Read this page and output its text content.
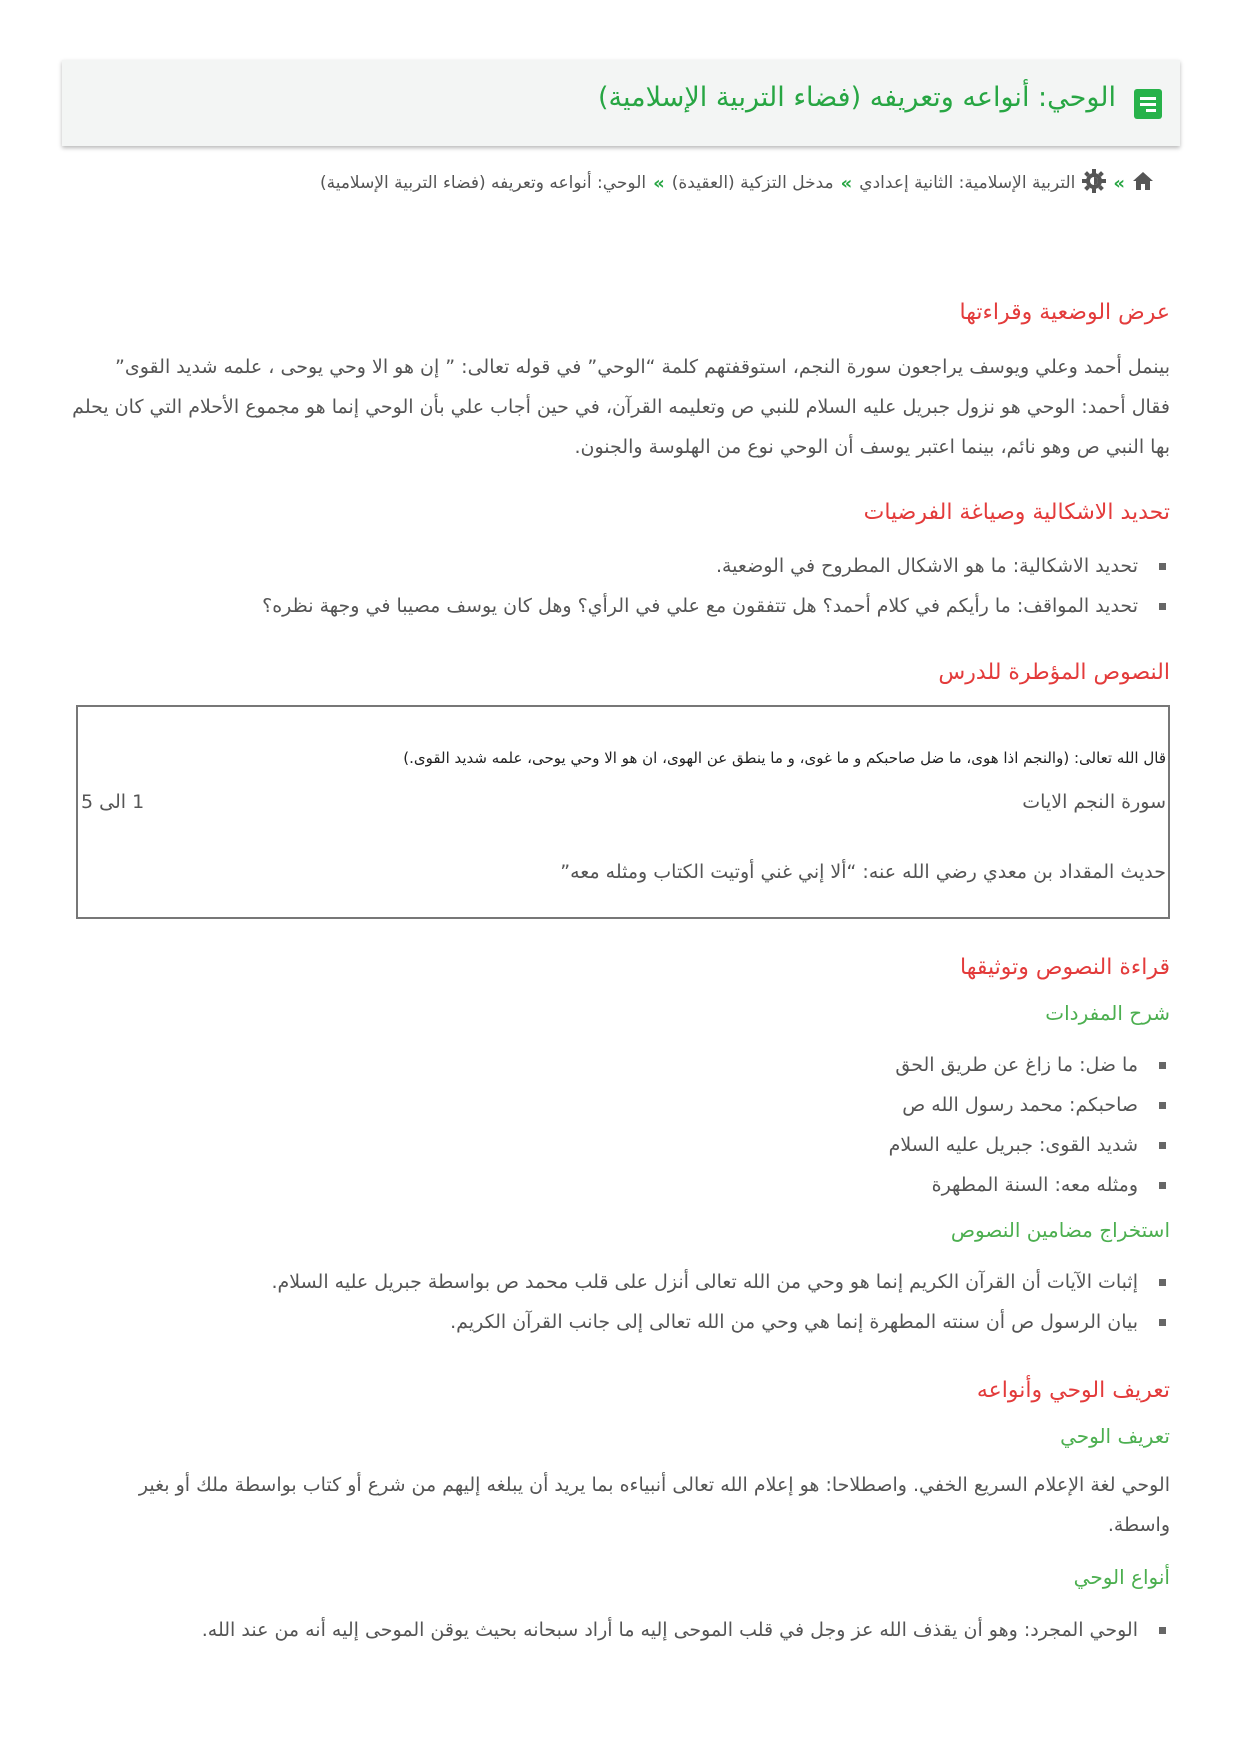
الوحي: أنواعه وتعريفه (فضاء التربية الإسلامية)
»
التربية الإسلامية: الثانية إعدادي
»
مدخل التزكية (العقيدة)
»
الوحي: أنواعه وتعريفه (فضاء التربية الإسلامية)
عرض الوضعية وقراءتها

بينمل أحمد وعلي ويوسف يراجعون سورة النجم، استوقفتهم كلمة “الوحي” في قوله تعالى: ” إن هو الا وحي يوحى ، علمه شديد القوى” فقال أحمد: الوحي هو نزول جبريل عليه السلام للنبي ص وتعليمه القرآن، في حين أجاب علي بأن الوحي إنما هو مجموع الأحلام التي كان يحلم بها النبي ص وهو نائم، بينما اعتبر يوسف أن الوحي نوع من الهلوسة والجنون.

تحديد الاشكالية وصياغة الفرضيات
تحديد الاشكالية: ما هو الاشكال المطروح في الوضعية.
تحديد المواقف: ما رأيكم في كلام أحمد؟ هل تتفقون مع علي في الرأي؟ وهل كان يوسف مصيبا في وجهة نظره؟
النصوص المؤطرة للدرس
قال الله تعالى: (والنجم اذا هوى، ما ضل صاحبكم و ما غوى، و ما ينطق عن الهوى، ان هو الا وحي يوحى، علمه شديد القوى.)
سورة النجم الايات
1 الى 5
حديث المقداد بن معدي رضي الله عنه: “ألا إني غني أوتيت الكتاب ومثله معه”
قراءة النصوص وتوثيقها
شرح المفردات
ما ضل: ما زاغ عن طريق الحق
صاحبكم: محمد رسول الله ص
شديد القوى: جبريل عليه السلام
ومثله معه: السنة المطهرة
استخراج مضامين النصوص
إثبات الآيات أن القرآن الكريم إنما هو وحي من الله تعالى أنزل على قلب محمد ص بواسطة جبريل عليه السلام.
بيان الرسول ص أن سنته المطهرة إنما هي وحي من الله تعالى إلى جانب القرآن الكريم.
تعريف الوحي وأنواعه
تعريف الوحي

الوحي لغة الإعلام السريع الخفي. واصطلاحا: هو إعلام الله تعالى أنبياءه بما يريد أن يبلغه إليهم من شرع أو كتاب بواسطة ملك أو بغير واسطة.

أنواع الوحي
الوحي المجرد: وهو أن يقذف الله عز وجل في قلب الموحى إليه ما أراد سبحانه بحيث يوقن الموحى إليه أنه من عند الله.
